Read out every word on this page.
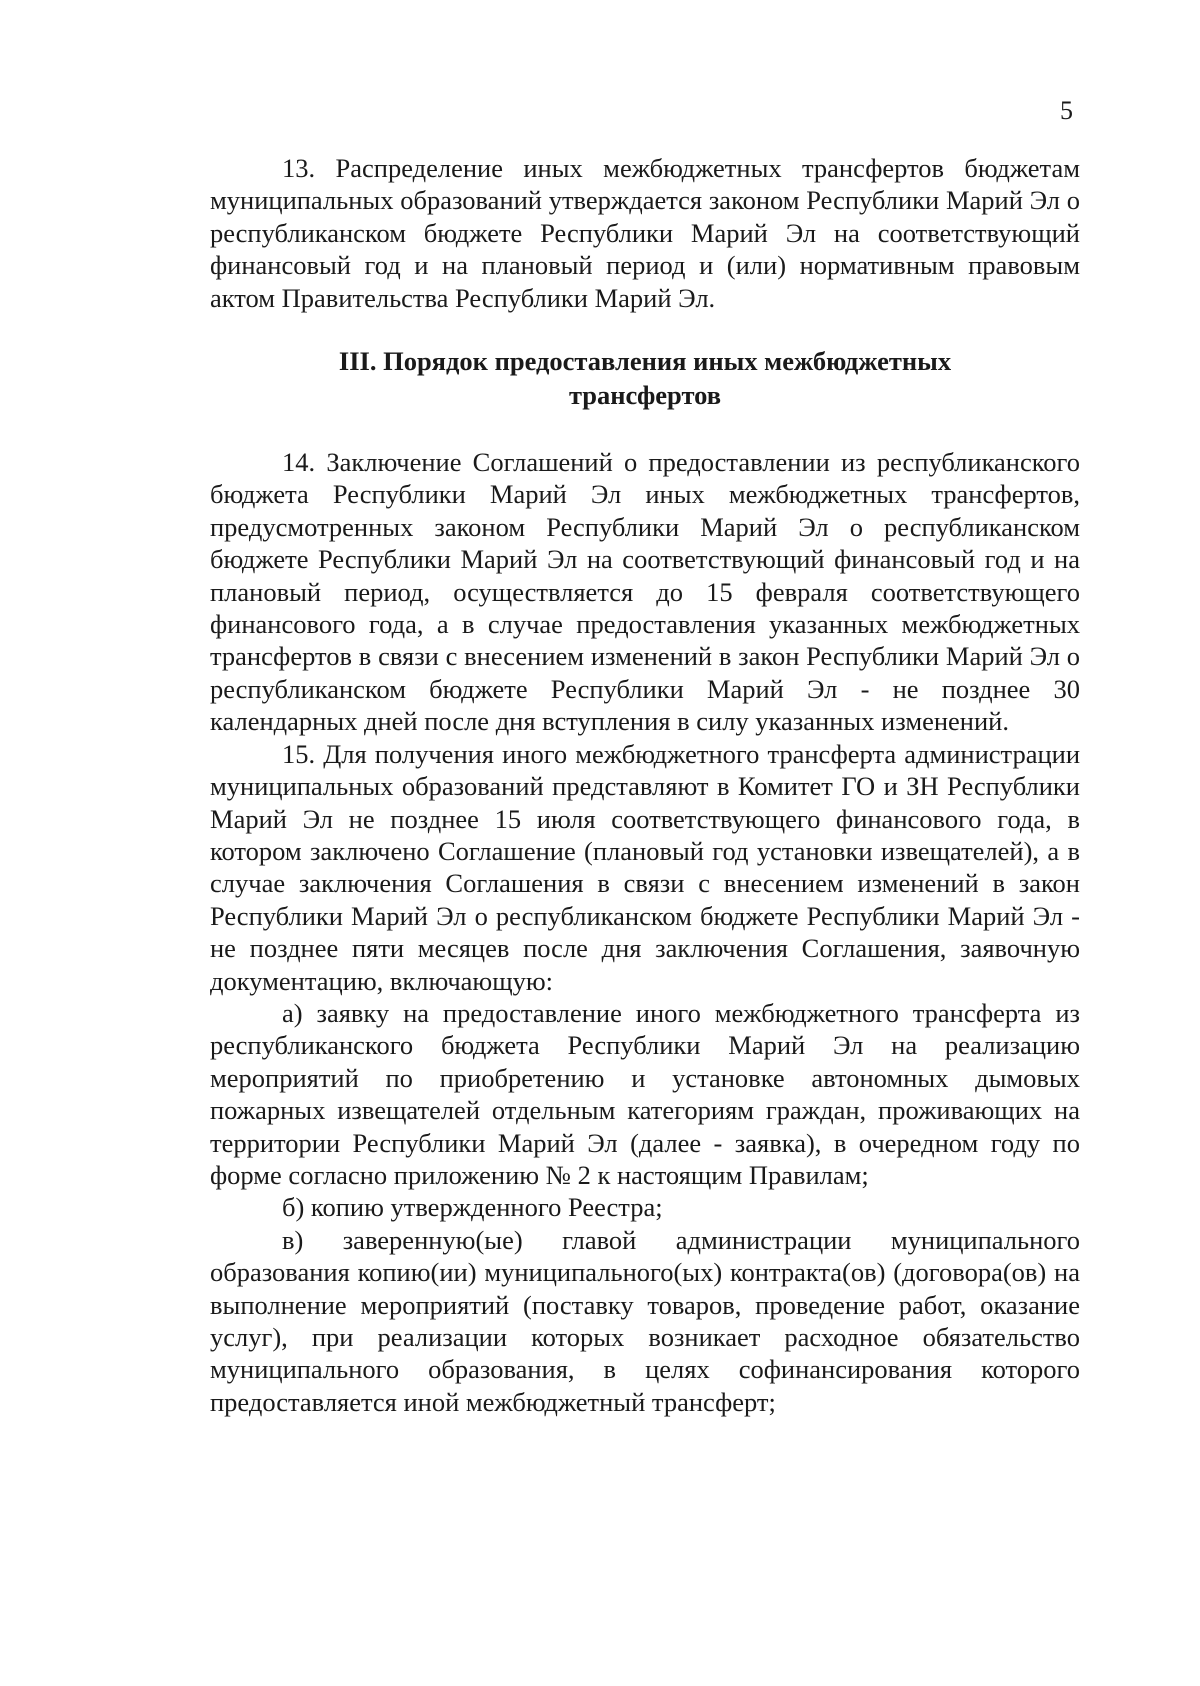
5

13. Распределение иных межбюджетных трансфертов бюджетам муниципальных образований утверждается законом Республики Марий Эл о республиканском бюджете Республики Марий Эл на соответствующий финансовый год и на плановый период и (или) нормативным правовым актом Правительства Республики Марий Эл.

III. Порядок предоставления иных межбюджетных
трансфертов

14. Заключение Соглашений о предоставлении из республиканского бюджета Республики Марий Эл иных межбюджетных трансфертов, предусмотренных законом Республики Марий Эл о республиканском бюджете Республики Марий Эл на соответствующий финансовый год и на плановый период, осуществляется до 15 февраля соответствующего финансового года, а в случае предоставления указанных межбюджетных трансфертов в связи с внесением изменений в закон Республики Марий Эл о республиканском бюджете Республики Марий Эл - не позднее 30 календарных дней после дня вступления в силу указанных изменений.

15. Для получения иного межбюджетного трансферта администрации муниципальных образований представляют в Комитет ГО и ЗН Республики Марий Эл не позднее 15 июля соответствующего финансового года, в котором заключено Соглашение (плановый год установки извещателей), а в случае заключения Соглашения в связи с внесением изменений в закон Республики Марий Эл о республиканском бюджете Республики Марий Эл - не позднее пяти месяцев после дня заключения Соглашения, заявочную документацию, включающую:

а) заявку на предоставление иного межбюджетного трансферта из республиканского бюджета Республики Марий Эл на реализацию мероприятий по приобретению и установке автономных дымовых пожарных извещателей отдельным категориям граждан, проживающих на территории Республики Марий Эл (далее - заявка), в очередном году по форме согласно приложению № 2 к настоящим Правилам;

б) копию утвержденного Реестра;

в) заверенную(ые) главой администрации муниципального образования копию(ии) муниципального(ых) контракта(ов) (договора(ов) на выполнение мероприятий (поставку товаров, проведение работ, оказание услуг), при реализации которых возникает расходное обязательство муниципального образования, в целях софинансирования которого предоставляется иной межбюджетный трансферт;
